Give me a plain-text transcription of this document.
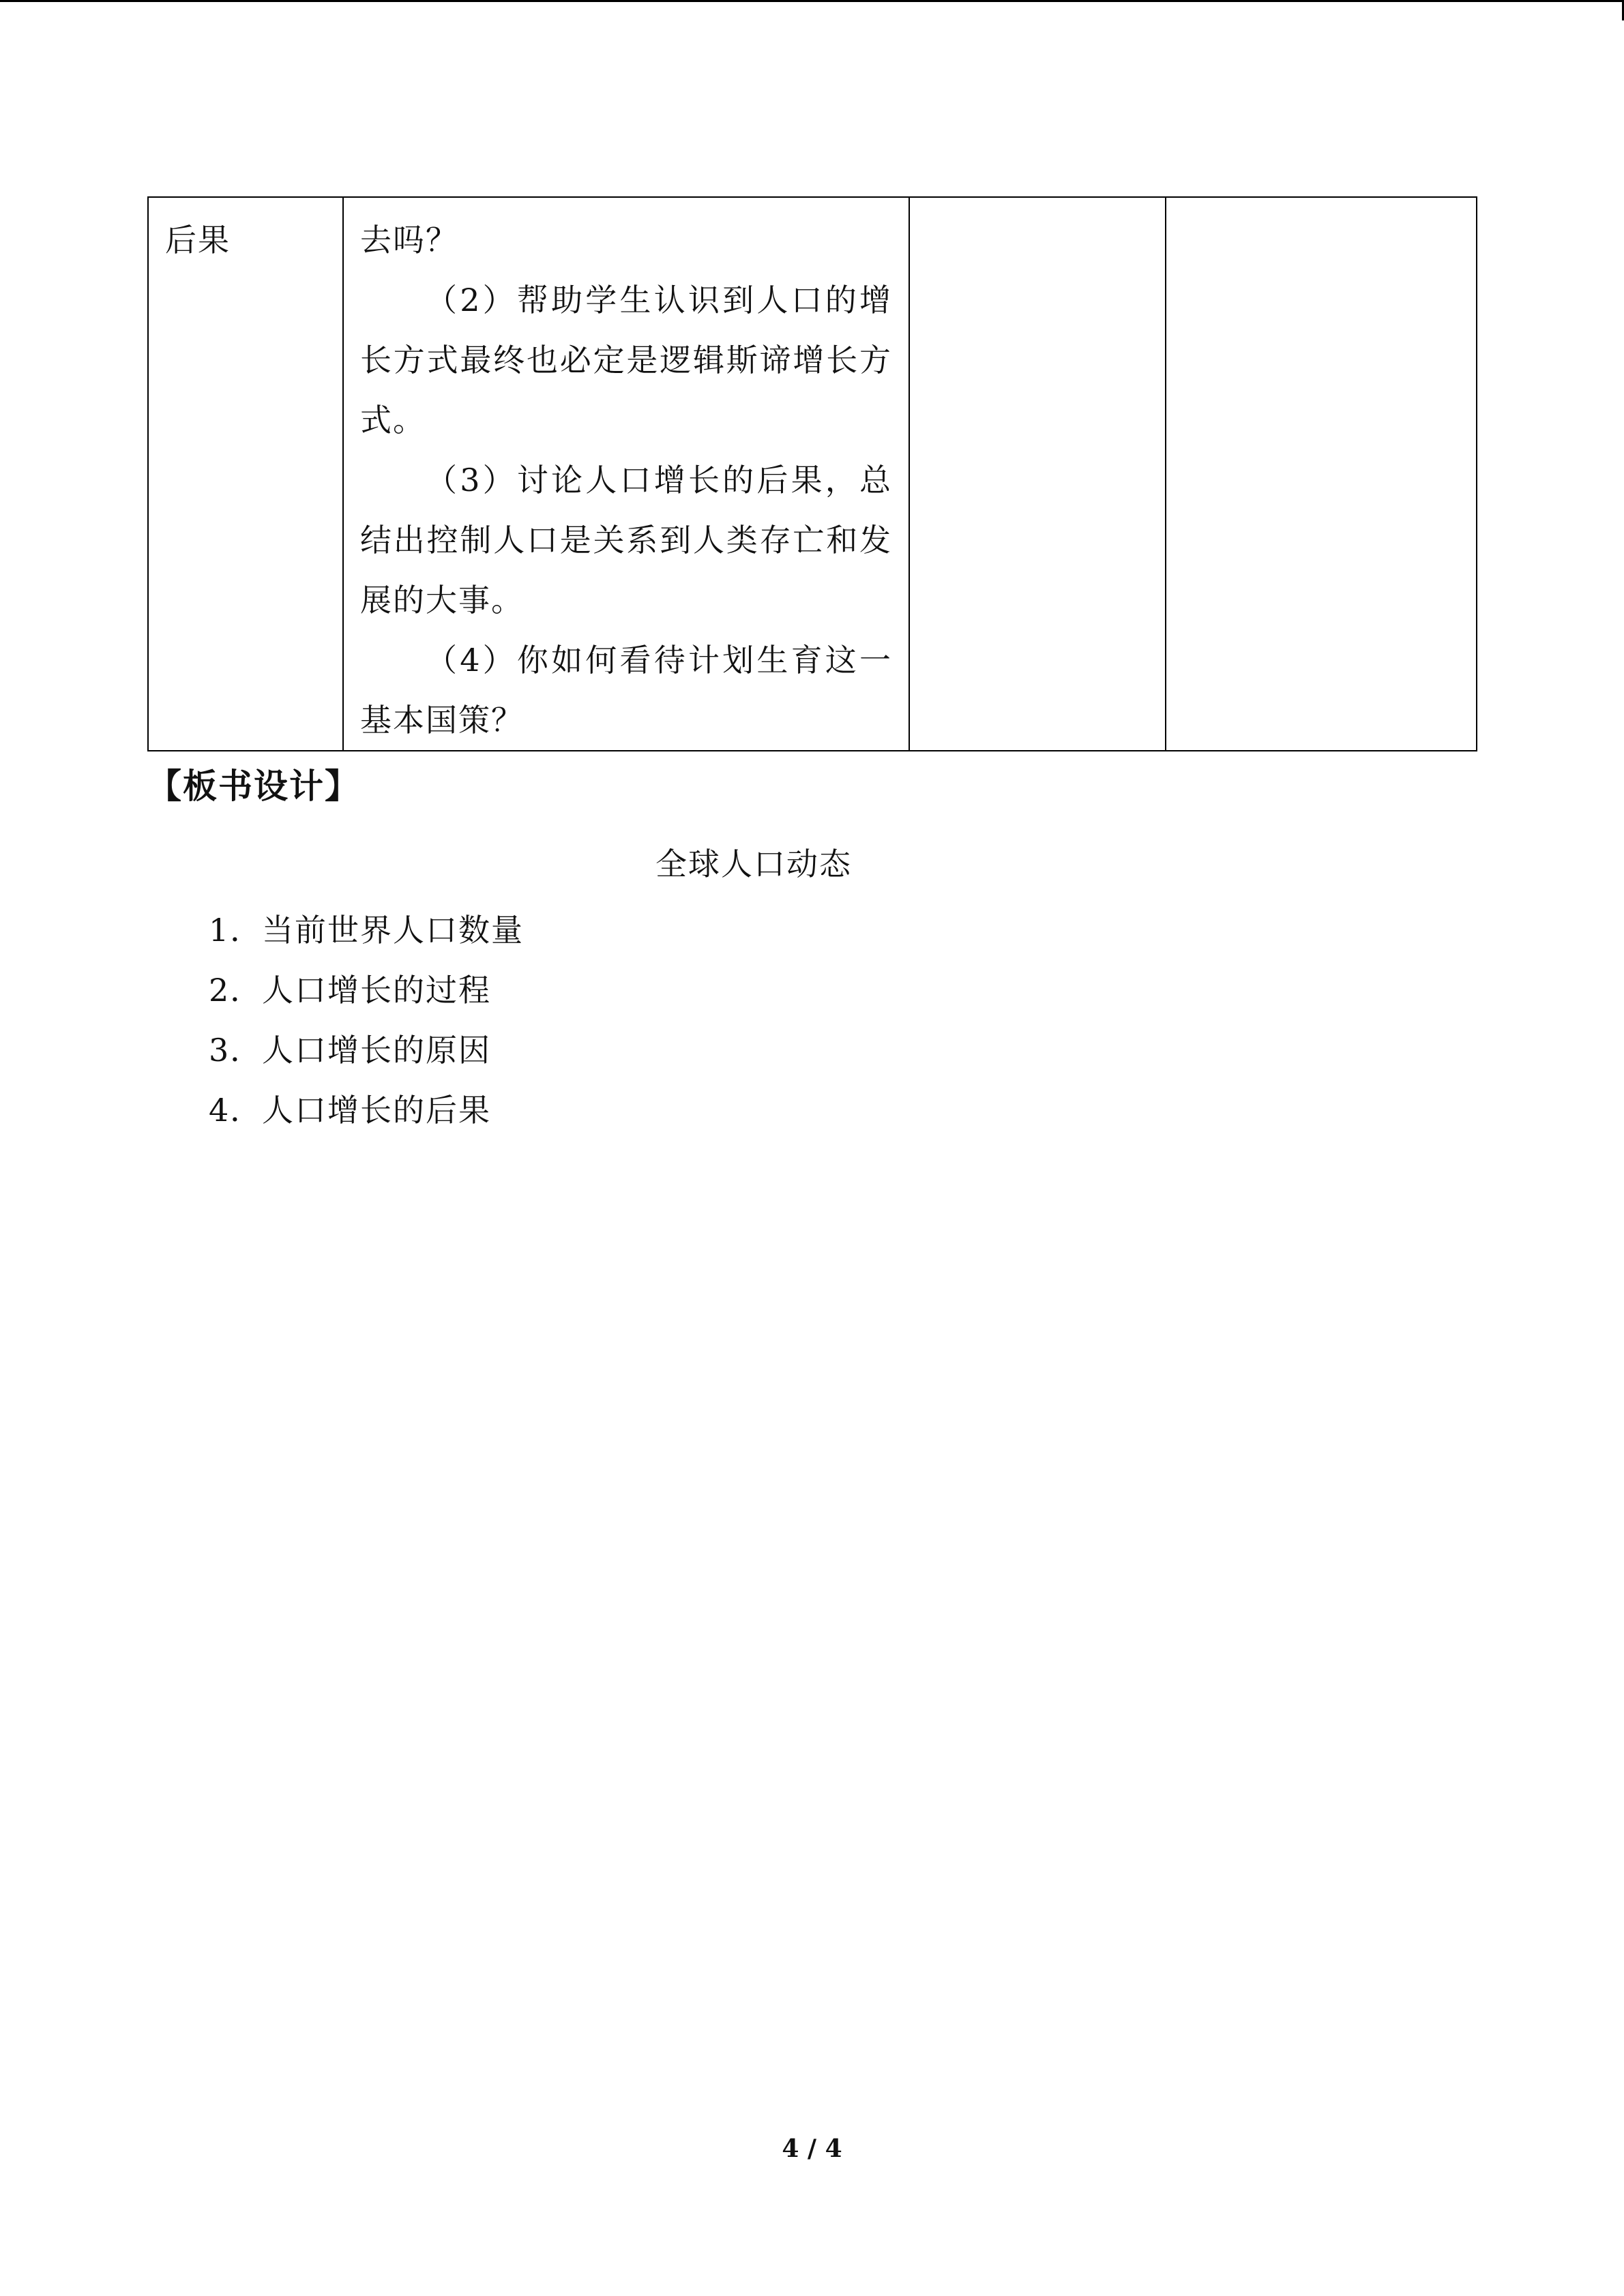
后果	去吗？

（2）帮助学生认识到人口的增长方式最终也必定是逻辑斯谛增长方式。

（3）讨论人口增长的后果，总结出控制人口是关系到人类存亡和发展的大事。

（4）你如何看待计划生育这一基本国策？

【板书设计】
全球人口动态
1．当前世界人口数量
2．人口增长的过程
3．人口增长的原因
4．人口增长的后果
4 / 4
